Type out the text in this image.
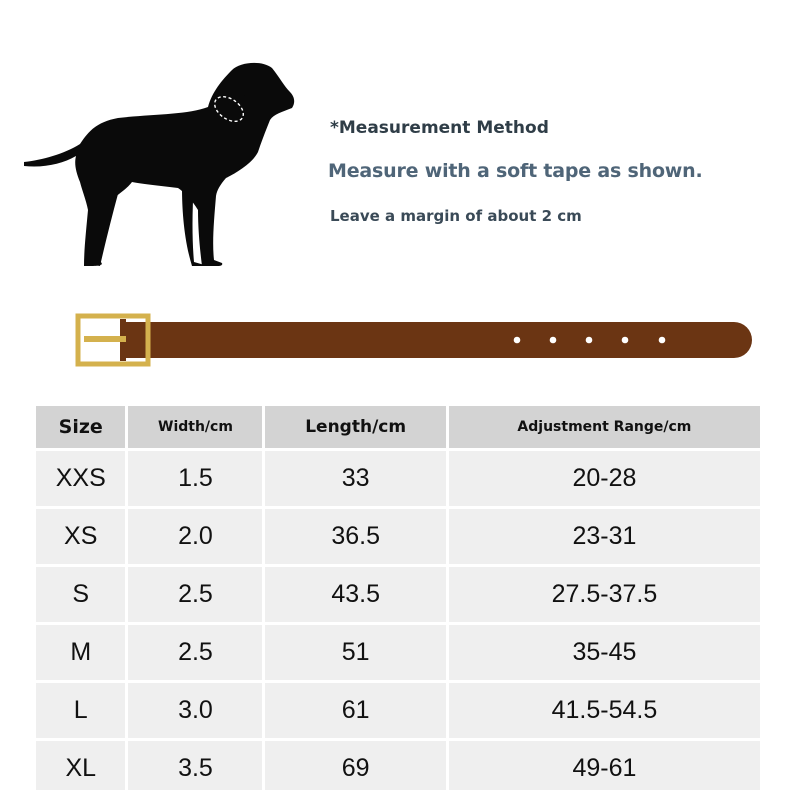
*Measurement Method
Measure with a soft tape as shown.
Leave a margin of about 2 cm
Size	Width/cm	Length/cm	Adjustment Range/cm
XXS	1.5	33	20-28
XS	2.0	36.5	23-31
S	2.5	43.5	27.5-37.5
M	2.5	51	35-45
L	3.0	61	41.5-54.5
XL	3.5	69	49-61
